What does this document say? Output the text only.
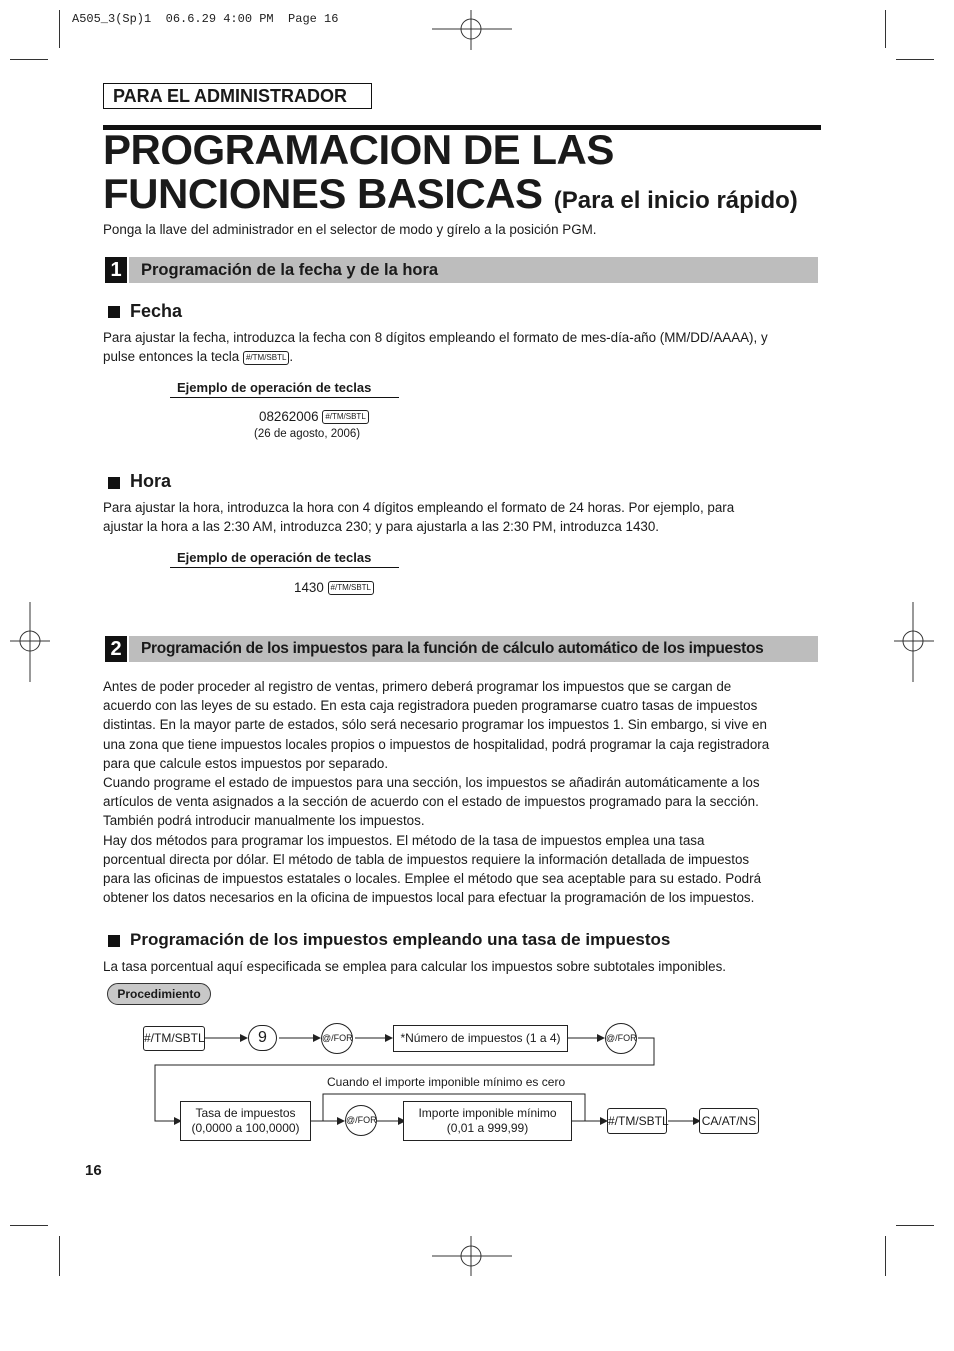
A505_3(Sp)1  06.6.29 4:00 PM  Page 16
PARA EL ADMINISTRADOR
PROGRAMACION DE LAS
FUNCIONES BASICAS (Para el inicio rápido)
Ponga la llave del administrador en el selector de modo y gírelo a la posición PGM.
1	Programación de la fecha y de la hora
Fecha
Para ajustar la fecha, introduzca la fecha con 8 dígitos empleando el formato de mes-día-año (MM/DD/AAAA), y
pulse entonces la tecla #/TM/SBTL .
Ejemplo de operación de teclas
08262006 #/TM/SBTL
(26 de agosto, 2006)
Hora
Para ajustar la hora, introduzca la hora con 4 dígitos empleando el formato de 24 horas. Por ejemplo, para
ajustar la hora a las 2:30 AM, introduzca 230; y para ajustarla a las 2:30 PM, introduzca 1430.
Ejemplo de operación de teclas
1430 #/TM/SBTL
2	Programación de los impuestos para la función de cálculo automático de los impuestos
Antes de poder proceder al registro de ventas, primero deberá programar los impuestos que se cargan de
acuerdo con las leyes de su estado. En esta caja registradora pueden programarse cuatro tasas de impuestos
distintas. En la mayor parte de estados, sólo será necesario programar los impuestos 1. Sin embargo, si vive en
una zona que tiene impuestos locales propios o impuestos de hospitalidad, podrá programar la caja registradora
para que calcule estos impuestos por separado.
Cuando programe el estado de impuestos para una sección, los impuestos se añadirán automáticamente a los
artículos de venta asignados a la sección de acuerdo con el estado de impuestos programado para la sección.
También podrá introducir manualmente los impuestos.
Hay dos métodos para programar los impuestos. El método de la tasa de impuestos emplea una tasa
porcentual directa por dólar. El método de tabla de impuestos requiere la información detallada de impuestos
para las oficinas de impuestos estatales o locales. Emplee el método que sea aceptable para su estado. Podrá
obtener los datos necesarios en la oficina de impuestos local para efectuar la programación de los impuestos.
Programación de los impuestos empleando una tasa de impuestos
La tasa porcentual aquí especificada se emplea para calcular los impuestos sobre subtotales imponibles.
Procedimiento
#/TM/SBTL	9	@/FOR	*Número de impuestos (1 a 4)	@/FOR
Cuando el importe imponible mínimo es cero
Tasa de impuestos
(0,0000 a 100,0000)
@/FOR	Importe imponible mínimo
(0,01 a 999,99)	#/TM/SBTL	CA/AT/NS
16
